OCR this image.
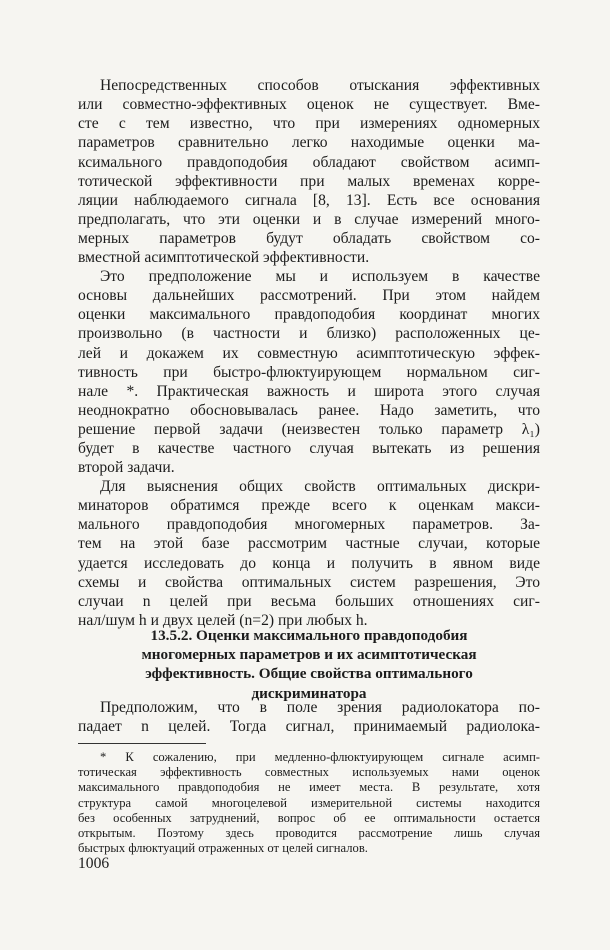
Непосредственных способов отыскания эффективных
или совместно-эффективных оценок не существует. Вме-
сте с тем известно, что при измерениях одномерных
параметров сравнительно легко находимые оценки ма-
ксимального правдоподобия обладают свойством асимп-
тотической эффективности при малых временах корре-
ляции наблюдаемого сигнала [8, 13]. Есть все основания
предполагать, что эти оценки и в случае измерений много-
мерных параметров будут обладать свойством со-
вместной асимптотической эффективности.
Это предположение мы и используем в качестве
основы дальнейших рассмотрений. При этом найдем
оценки максимального правдоподобия координат многих
произвольно (в частности и близко) расположенных це-
лей и докажем их совместную асимптотическую эффек-
тивность при быстро-флюктуирующем нормальном сиг-
нале *. Практическая важность и широта этого случая
неоднократно обосновывалась ранее. Надо заметить, что
решение первой задачи (неизвестен только параметр λ₁)
будет в качестве частного случая вытекать из решения
второй задачи.
Для выяснения общих свойств оптимальных дискри-
минаторов обратимся прежде всего к оценкам макси-
мального правдоподобия многомерных параметров. За-
тем на этой базе рассмотрим частные случаи, которые
удается исследовать до конца и получить в явном виде
схемы и свойства оптимальных систем разрешения, Это
случаи n целей при весьма больших отношениях сиг-
нал/шум h и двух целей (n=2) при любых h.
13.5.2. Оценки максимального правдоподобия
многомерных параметров и их асимптотическая
эффективность. Общие свойства оптимального
дискриминатора
Предположим, что в поле зрения радиолокатора по-
падает n целей. Тогда сигнал, принимаемый радиолока-
* К сожалению, при медленно-флюктуирующем сигнале асимп-
тотическая эффективность совместных используемых нами оценок
максимального правдоподобия не имеет места. В результате, хотя
структура самой многоцелевой измерительной системы находится
без особенных затруднений, вопрос об ее оптимальности остается
открытым. Поэтому здесь проводится рассмотрение лишь случая
быстрых флюктуаций отраженных от целей сигналов.
1006
